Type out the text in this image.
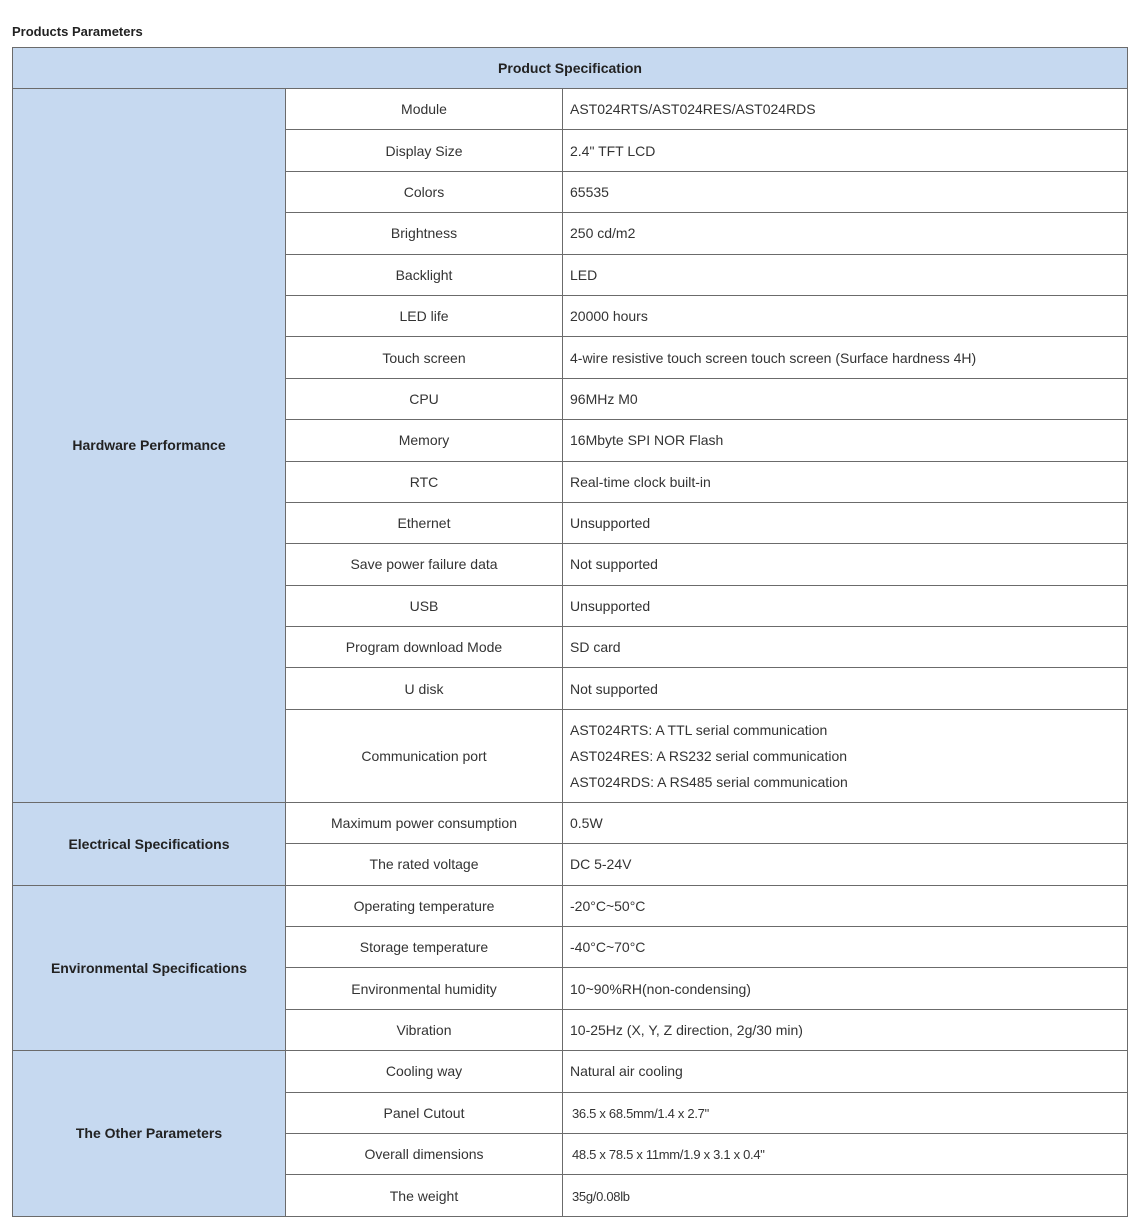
Products Parameters
Product Specification		
Hardware Performance	Module	AST024RTS/AST024RES/AST024RDS
	Display Size	2.4" TFT LCD
	Colors	65535
	Brightness	250 cd/m2
	Backlight	LED
	LED life	20000 hours
	Touch screen	4-wire resistive touch screen touch screen (Surface hardness 4H)
	CPU	96MHz M0
	Memory	16Mbyte SPI NOR Flash
	RTC	Real-time clock built-in
	Ethernet	Unsupported
	Save power failure data	Not supported
	USB	Unsupported
	Program download Mode	SD card
	U disk	Not supported
	Communication port	AST024RTS: A TTL serial communication
AST024RES: A RS232 serial communication
AST024RDS: A RS485 serial communication

Electrical Specifications	Maximum power consumption	0.5W
	The rated voltage	DC 5-24V
Environmental Specifications	Operating temperature	-20°C~50°C
	Storage temperature	-40°C~70°C
	Environmental humidity	10~90%RH(non-condensing)
	Vibration	10-25Hz (X, Y, Z direction, 2g/30 min)
The Other Parameters	Cooling way	Natural air cooling
	Panel Cutout	36.5 x 68.5mm/1.4 x 2.7"
	Overall dimensions	48.5 x 78.5 x 11mm/1.9 x 3.1 x 0.4"
	The weight	35g/0.08lb
